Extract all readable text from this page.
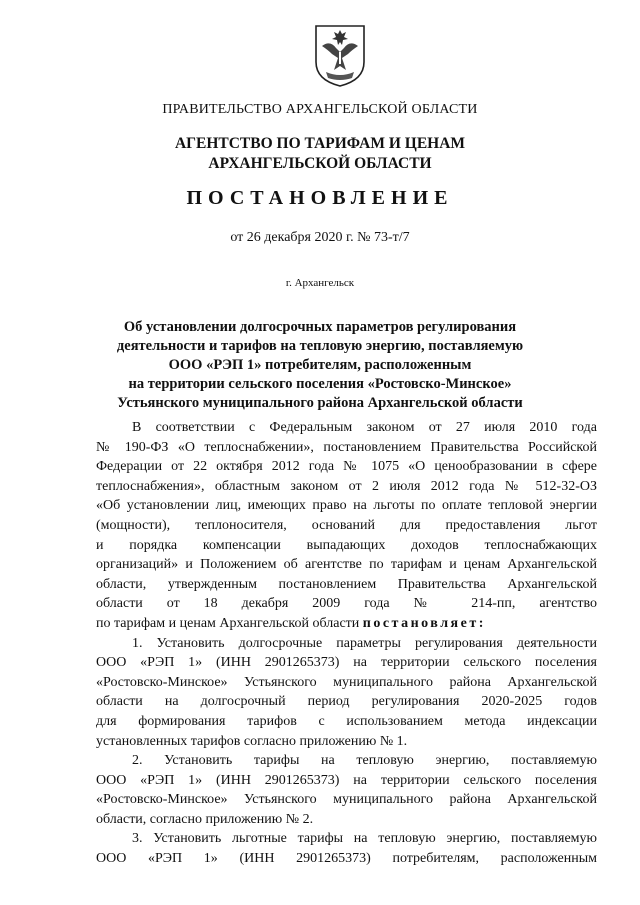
ПРАВИТЕЛЬСТВО АРХАНГЕЛЬСКОЙ ОБЛАСТИ
АГЕНТСТВО ПО ТАРИФАМ И ЦЕНАМ
АРХАНГЕЛЬСКОЙ ОБЛАСТИ
ПОСТАНОВЛЕНИЕ
от 26 декабря 2020 г. № 73-т/7
г. Архангельск
Об установлении долгосрочных параметров регулирования
деятельности и тарифов на тепловую энергию, поставляемую
ООО «РЭП 1» потребителям, расположенным
на территории сельского поселения «Ростовско-Минское»
Устьянского муниципального района Архангельской области
В соответствии с Федеральным законом от 27 июля 2010 года
№ 190-ФЗ «О теплоснабжении», постановлением Правительства Российской
Федерации от 22 октября 2012 года № 1075 «О ценообразовании в сфере
теплоснабжения», областным законом от 2 июля 2012 года № 512-32-ОЗ
«Об установлении лиц, имеющих право на льготы по оплате тепловой энергии
(мощности), теплоносителя, оснований для предоставления льгот
и порядка компенсации выпадающих доходов теплоснабжающих
организаций» и Положением об агентстве по тарифам и ценам Архангельской
области, утвержденным постановлением Правительства Архангельской
области от 18 декабря 2009 года № 214-пп, агентство
по тарифам и ценам Архангельской области постановляет:
1. Установить долгосрочные параметры регулирования деятельности
ООО «РЭП 1» (ИНН 2901265373) на территории сельского поселения
«Ростовско-Минское» Устьянского муниципального района Архангельской
области на долгосрочный период регулирования 2020-2025 годов
для формирования тарифов с использованием метода индексации
установленных тарифов согласно приложению № 1.
2. Установить тарифы на тепловую энергию, поставляемую
ООО «РЭП 1» (ИНН 2901265373) на территории сельского поселения
«Ростовско-Минское» Устьянского муниципального района Архангельской
области, согласно приложению № 2.
3. Установить льготные тарифы на тепловую энергию, поставляемую
ООО «РЭП 1» (ИНН 2901265373) потребителям, расположенным
